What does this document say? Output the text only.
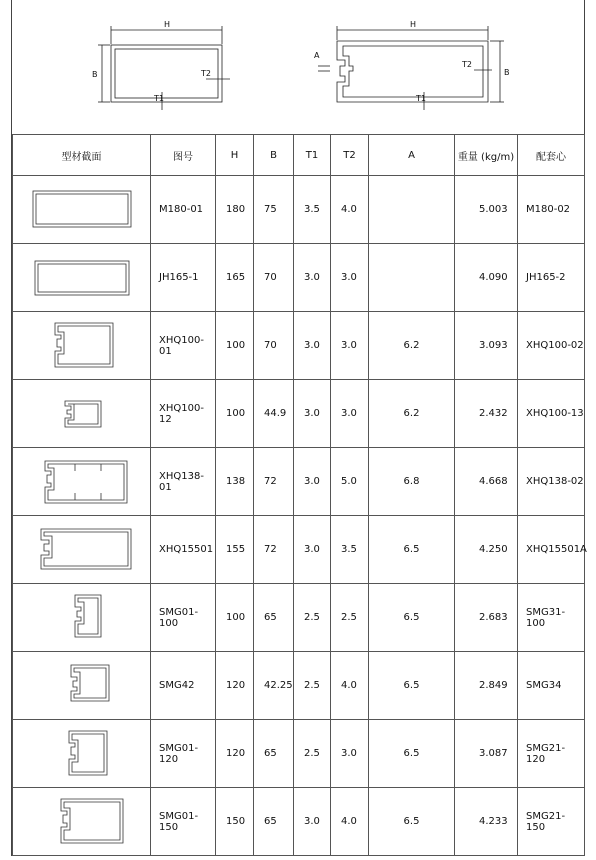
H
B
T1
T2
H
B
A
T1
T2
型材截面	图号	H	B	T1	T2	A	重量 (kg/m)	配套心
	M180-01	180	75	3.5	4.0		5.003	M180-02
	JH165-1	165	70	3.0	3.0		4.090	JH165-2
	XHQ100-01	100	70	3.0	3.0	6.2	3.093	XHQ100-02
	XHQ100-12	100	44.9	3.0	3.0	6.2	2.432	XHQ100-13
	XHQ138-01	138	72	3.0	5.0	6.8	4.668	XHQ138-02
	XHQ15501	155	72	3.0	3.5	6.5	4.250	XHQ15501A
	SMG01-100	100	65	2.5	2.5	6.5	2.683	SMG31-100
	SMG42	120	42.25	2.5	4.0	6.5	2.849	SMG34
	SMG01-120	120	65	2.5	3.0	6.5	3.087	SMG21-120
	SMG01-150	150	65	3.0	4.0	6.5	4.233	SMG21-150
